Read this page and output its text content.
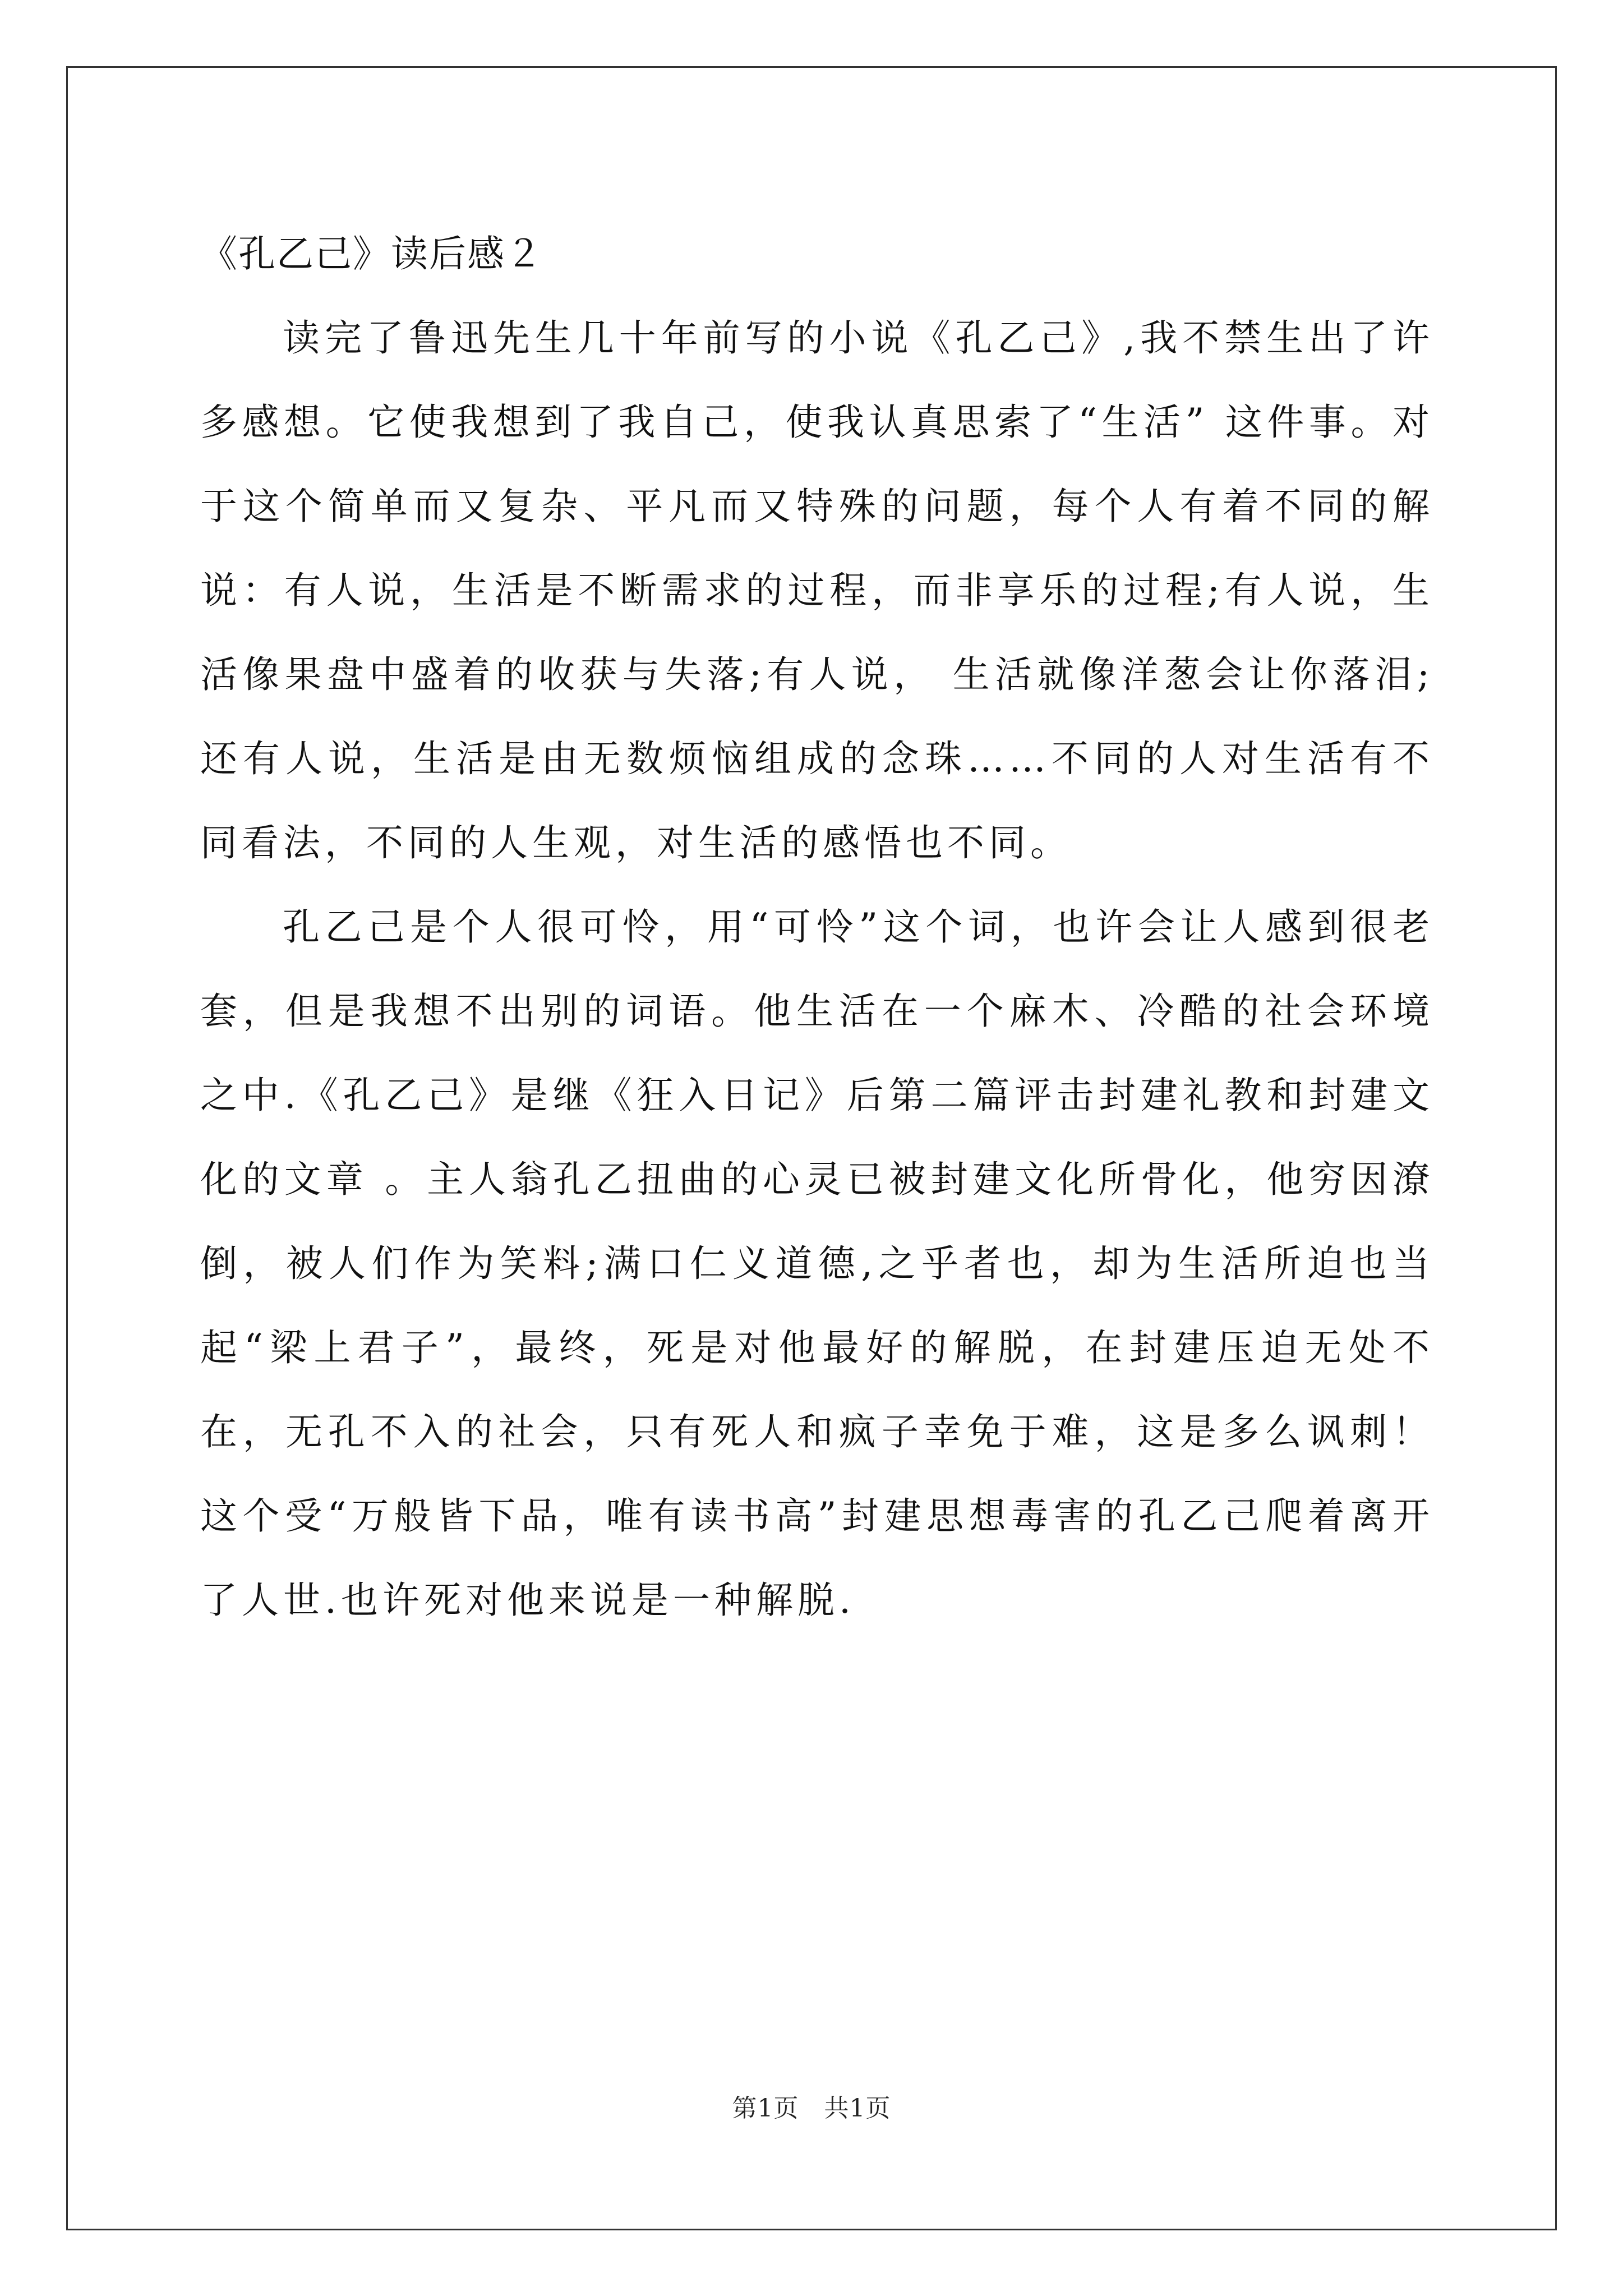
《孔乙己》读后感２

读完了鲁迅先生几十年前写的小说《孔乙己》,我不禁生出了许多感想。它使我想到了我自己，使我认真思索了“生活” 这件事。对于这个简单而又复杂、平凡而又特殊的问题，每个人有着不同的解说：有人说，生活是不断需求的过程，而非享乐的过程;有人说，生活像果盘中盛着的收获与失落;有人说， 生活就像洋葱会让你落泪;还有人说，生活是由无数烦恼组成的念珠……不同的人对生活有不同看法，不同的人生观，对生活的感悟也不同。

孔乙己是个人很可怜，用“可怜”这个词，也许会让人感到很老套，但是我想不出别的词语。他生活在一个麻木、冷酷的社会环境之中.《孔乙己》是继《狂入日记》后第二篇评击封建礼教和封建文化的文章 。主人翁孔乙扭曲的心灵已被封建文化所骨化，他穷因潦倒，被人们作为笑料;满口仁义道德,之乎者也，却为生活所迫也当起“梁上君子”，最终，死是对他最好的解脱，在封建压迫无处不在，无孔不入的社会，只有死人和疯子幸免于难，这是多么讽刺！这个受“万般皆下品，唯有读书高”封建思想毒害的孔乙己爬着离开了人世.也许死对他来说是一种解脱.

第1页　共1页
